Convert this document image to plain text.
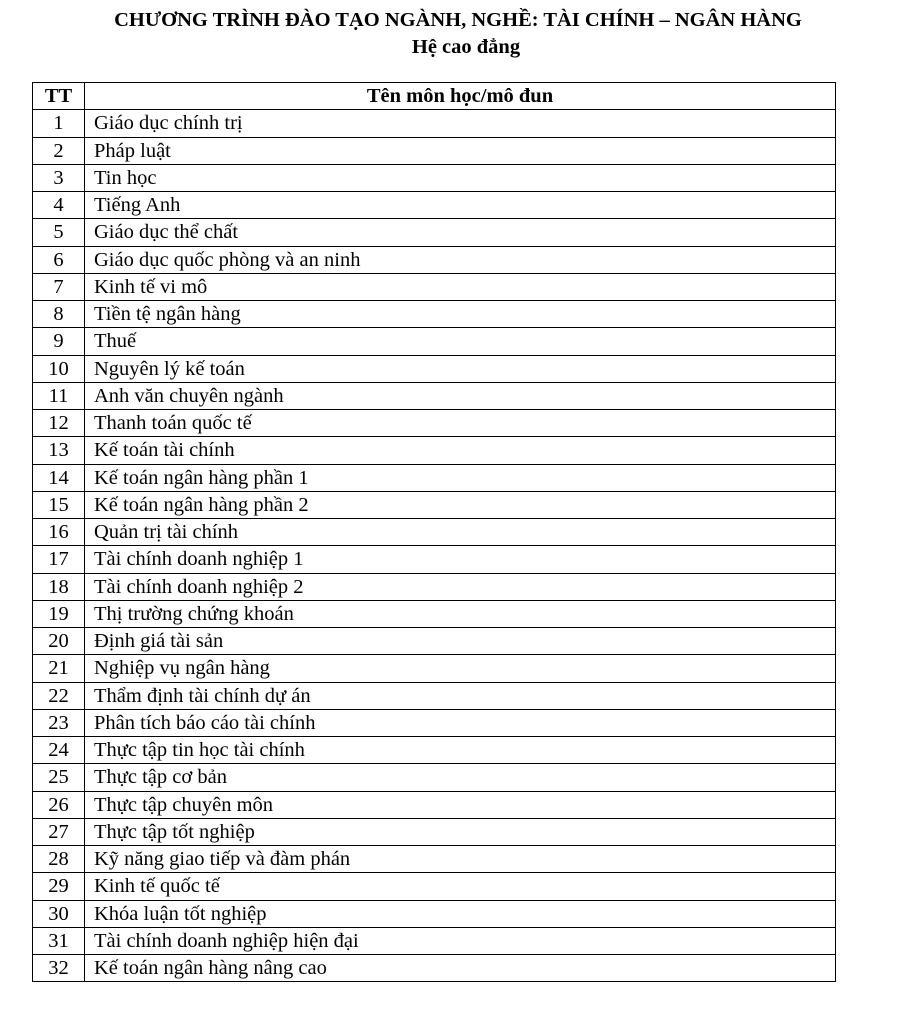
CHƯƠNG TRÌNH ĐÀO TẠO NGÀNH, NGHỀ: TÀI CHÍNH – NGÂN HÀNG
Hệ cao đẳng
TT	Tên môn học/mô đun
1	Giáo dục chính trị
2	Pháp luật
3	Tin học
4	Tiếng Anh
5	Giáo dục thể chất
6	Giáo dục quốc phòng và an ninh
7	Kinh tế vi mô
8	Tiền tệ ngân hàng
9	Thuế
10	Nguyên lý kế toán
11	Anh văn chuyên ngành
12	Thanh toán quốc tế
13	Kế toán tài chính
14	Kế toán ngân hàng phần 1
15	Kế toán ngân hàng phần 2
16	Quản trị tài chính
17	Tài chính doanh nghiệp 1
18	Tài chính doanh nghiệp 2
19	Thị trường chứng khoán
20	Định giá tài sản
21	Nghiệp vụ ngân hàng
22	Thẩm định tài chính dự án
23	Phân tích báo cáo tài chính
24	Thực tập tin học tài chính
25	Thực tập cơ bản
26	Thực tập chuyên môn
27	Thực tập tốt nghiệp
28	Kỹ năng giao tiếp và đàm phán
29	Kinh tế quốc tế
30	Khóa luận tốt nghiệp
31	Tài chính doanh nghiệp hiện đại
32	Kế toán ngân hàng nâng cao
